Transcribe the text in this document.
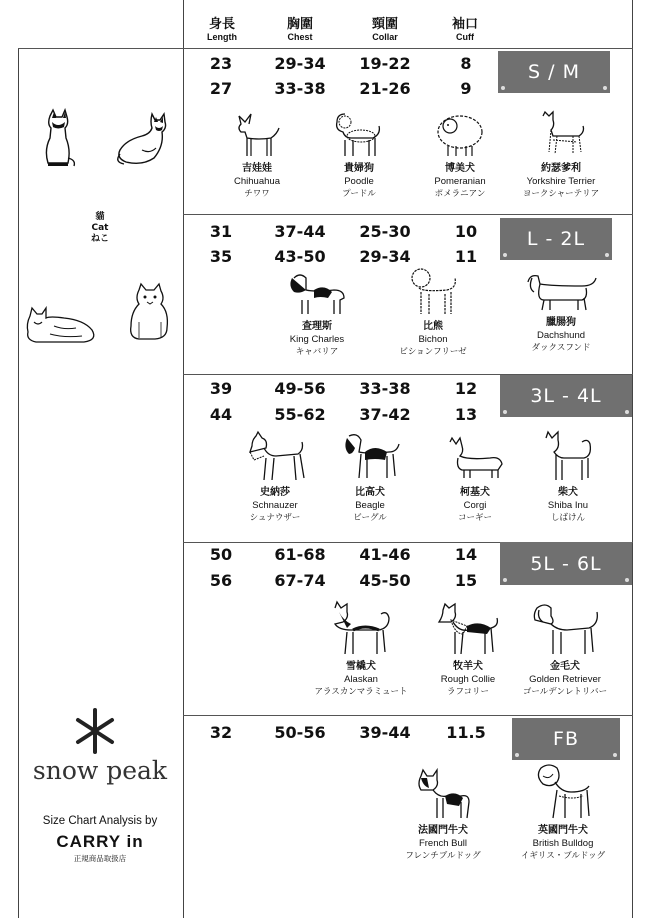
身長
Length
胸圍
Chest
頸圍
Collar
袖口
Cuff
貓
Cat
ねこ
snow peak
Size Chart Analysis by
CARRY in
正規商品取扱店
23	29-34	19-22	8
27	33-38	21-26	9
S / M
吉娃娃
Chihuahua
チワワ
貴婦狗
Poodle
プードル
博美犬
Pomeranian
ポメラニアン
約瑟爹利
Yorkshire Terrier
ヨークシャーテリア
31	37-44	25-30	10
35	43-50	29-34	11
L - 2L
查理斯
King Charles
キャバリア
比熊
Bichon
ビションフリーゼ
臘腸狗
Dachshund
ダックスフンド
39	49-56	33-38	12
44	55-62	37-42	13
3L - 4L
史納莎
Schnauzer
シュナウザー
比高犬
Beagle
ビーグル
柯基犬
Corgi
コーギー
柴犬
Shiba Inu
しばけん
50	61-68	41-46	14
56	67-74	45-50	15
5L - 6L
雪橇犬
Alaskan
アラスカンマラミュート
牧羊犬
Rough Collie
ラフコリー
金毛犬
Golden Retriever
ゴールデンレトリバー
32	50-56	39-44	11.5	FB
法國門牛犬
French Bull
フレンチブルドッグ
英國門牛犬
British Bulldog
イギリス・ブルドッグ
